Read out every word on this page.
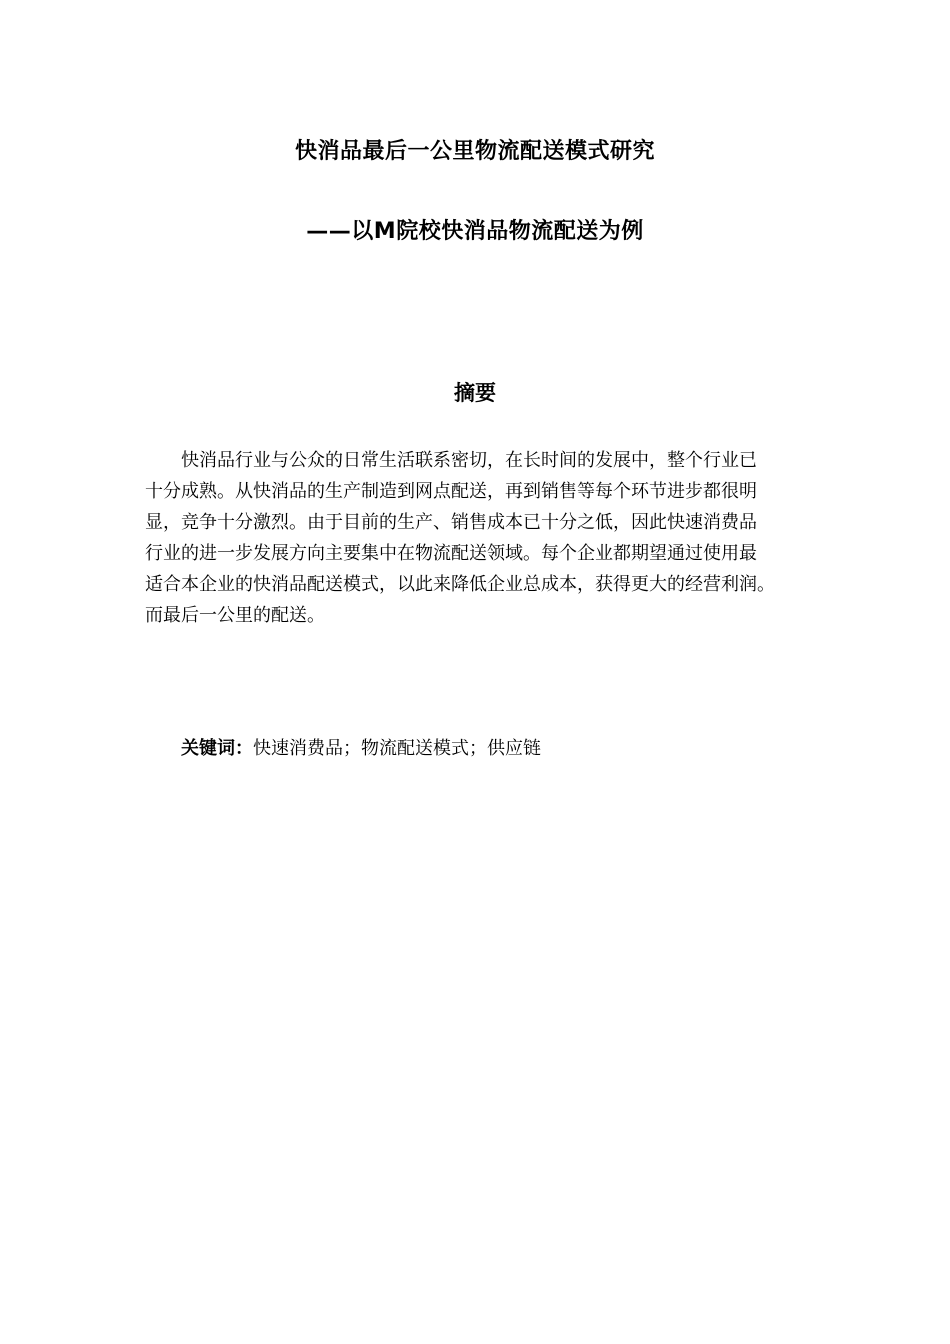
快消品最后一公里物流配送模式研究
——以M院校快消品物流配送为例
摘要
快消品行业与公众的日常生活联系密切，在长时间的发展中，整个行业已
十分成熟。从快消品的生产制造到网点配送，再到销售等每个环节进步都很明
显，竞争十分激烈。由于目前的生产、销售成本已十分之低，因此快速消费品
行业的进一步发展方向主要集中在物流配送领域。每个企业都期望通过使用最
适合本企业的快消品配送模式，以此来降低企业总成本，获得更大的经营利润。
而最后一公里的配送。
关键词：快速消费品；物流配送模式；供应链
